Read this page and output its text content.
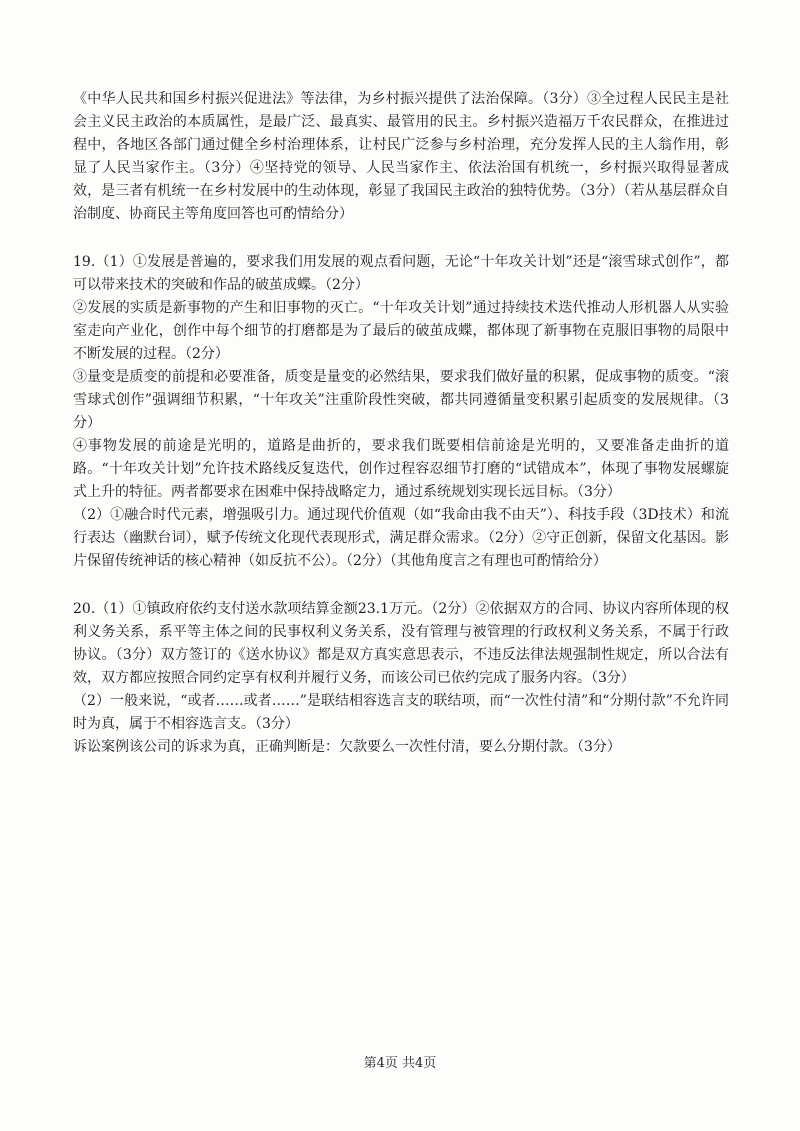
《中华人民共和国乡村振兴促进法》等法律，为乡村振兴提供了法治保障。（3分）③全过程人民民主是社会主义民主政治的本质属性，是最广泛、最真实、最管用的民主。乡村振兴造福万千农民群众，在推进过程中，各地区各部门通过健全乡村治理体系，让村民广泛参与乡村治理，充分发挥人民的主人翁作用，彰显了人民当家作主。（3分）④坚持党的领导、人民当家作主、依法治国有机统一，乡村振兴取得显著成效，是三者有机统一在乡村发展中的生动体现，彰显了我国民主政治的独特优势。（3分）（若从基层群众自治制度、协商民主等角度回答也可酌情给分）

19.（1）①发展是普遍的，要求我们用发展的观点看问题，无论“十年攻关计划”还是“滚雪球式创作”，都可以带来技术的突破和作品的破茧成蝶。（2分）

②发展的实质是新事物的产生和旧事物的灭亡。“十年攻关计划”通过持续技术迭代推动人形机器人从实验室走向产业化，创作中每个细节的打磨都是为了最后的破茧成蝶，都体现了新事物在克服旧事物的局限中不断发展的过程。（2分）

③量变是质变的前提和必要准备，质变是量变的必然结果，要求我们做好量的积累，促成事物的质变。“滚雪球式创作”强调细节积累，“十年攻关”注重阶段性突破，都共同遵循量变积累引起质变的发展规律。（3分）

④事物发展的前途是光明的，道路是曲折的，要求我们既要相信前途是光明的，又要准备走曲折的道路。“十年攻关计划”允许技术路线反复迭代，创作过程容忍细节打磨的“试错成本”，体现了事物发展螺旋式上升的特征。两者都要求在困难中保持战略定力，通过系统规划实现长远目标。（3分）

（2）①融合时代元素，增强吸引力。通过现代价值观（如“我命由我不由天”）、科技手段（3D技术）和流行表达（幽默台词），赋予传统文化现代表现形式，满足群众需求。（2分）②守正创新，保留文化基因。影片保留传统神话的核心精神（如反抗不公）。（2分）（其他角度言之有理也可酌情给分）

20.（1）①镇政府依约支付送水款项结算金额23.1万元。（2分）②依据双方的合同、协议内容所体现的权利义务关系，系平等主体之间的民事权利义务关系，没有管理与被管理的行政权利义务关系，不属于行政协议。（3分）双方签订的《送水协议》都是双方真实意思表示，不违反法律法规强制性规定，所以合法有效，双方都应按照合同约定享有权利并履行义务，而该公司已依约完成了服务内容。（3分）

（2）一般来说，“或者……或者……”是联结相容选言支的联结项，而“一次性付清”和“分期付款”不允许同时为真，属于不相容选言支。（3分）

诉讼案例该公司的诉求为真，正确判断是：欠款要么一次性付清，要么分期付款。（3分）

第4页 共4页
